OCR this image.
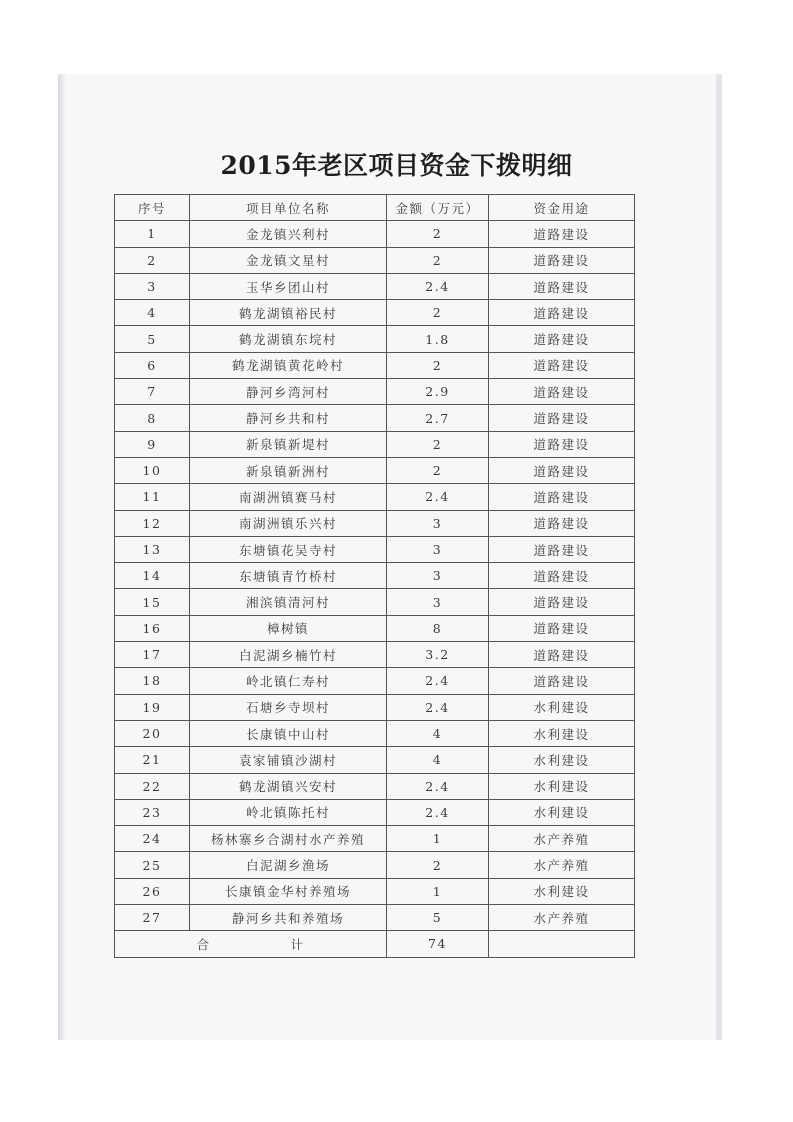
2015年老区项目资金下拨明细
序号	项目单位名称	金额（万元）	资金用途
1	金龙镇兴利村	2	道路建设
2	金龙镇文星村	2	道路建设
3	玉华乡团山村	2.4	道路建设
4	鹤龙湖镇裕民村	2	道路建设
5	鹤龙湖镇东垸村	1.8	道路建设
6	鹤龙湖镇黄花岭村	2	道路建设
7	静河乡湾河村	2.9	道路建设
8	静河乡共和村	2.7	道路建设
9	新泉镇新堤村	2	道路建设
10	新泉镇新洲村	2	道路建设
11	南湖洲镇赛马村	2.4	道路建设
12	南湖洲镇乐兴村	3	道路建设
13	东塘镇花吴寺村	3	道路建设
14	东塘镇青竹桥村	3	道路建设
15	湘滨镇清河村	3	道路建设
16	樟树镇	8	道路建设
17	白泥湖乡楠竹村	3.2	道路建设
18	岭北镇仁寿村	2.4	道路建设
19	石塘乡寺坝村	2.4	水利建设
20	长康镇中山村	4	水利建设
21	袁家铺镇沙湖村	4	水利建设
22	鹤龙湖镇兴安村	2.4	水利建设
23	岭北镇陈托村	2.4	水利建设
24	杨林寨乡合湖村水产养殖	1	水产养殖
25	白泥湖乡渔场	2	水产养殖
26	长康镇金华村养殖场	1	水利建设
27	静河乡共和养殖场	5	水产养殖
合 计		74	
